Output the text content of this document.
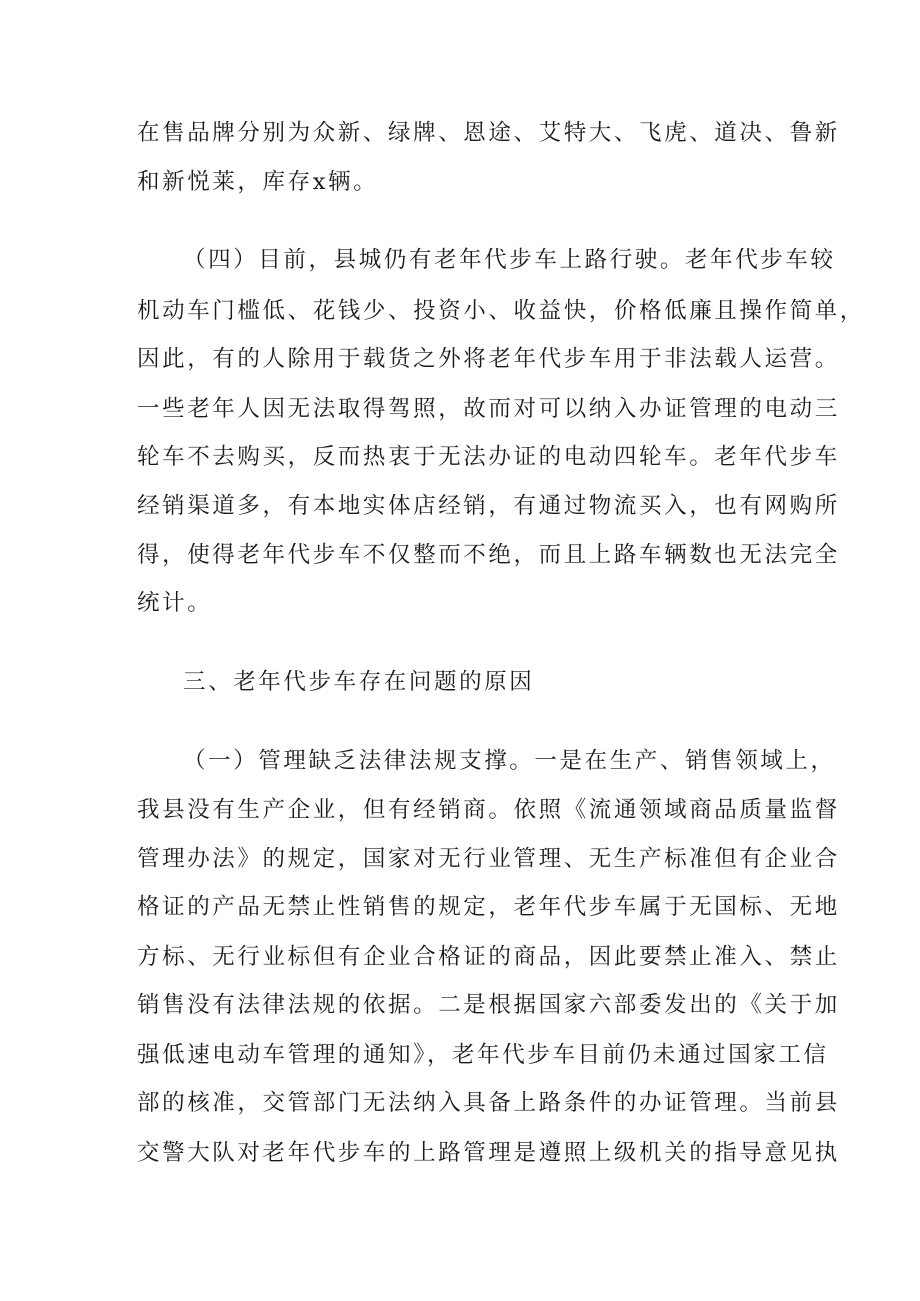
在售品牌分别为众新、绿牌、恩途、艾特大、飞虎、道决、鲁新
和新悦莱，库存x辆。
（四）目前，县城仍有老年代步车上路行驶。老年代步车较
机动车门槛低、花钱少、投资小、收益快，价格低廉且操作简单，
因此，有的人除用于载货之外将老年代步车用于非法载人运营。
一些老年人因无法取得驾照，故而对可以纳入办证管理的电动三
轮车不去购买，反而热衷于无法办证的电动四轮车。老年代步车
经销渠道多，有本地实体店经销，有通过物流买入，也有网购所
得，使得老年代步车不仅整而不绝，而且上路车辆数也无法完全
统计。
三、老年代步车存在问题的原因
（一）管理缺乏法律法规支撑。一是在生产、销售领域上，
我县没有生产企业，但有经销商。依照《流通领域商品质量监督
管理办法》的规定，国家对无行业管理、无生产标准但有企业合
格证的产品无禁止性销售的规定，老年代步车属于无国标、无地
方标、无行业标但有企业合格证的商品，因此要禁止准入、禁止
销售没有法律法规的依据。二是根据国家六部委发出的《关于加
强低速电动车管理的通知》，老年代步车目前仍未通过国家工信
部的核准，交管部门无法纳入具备上路条件的办证管理。当前县
交警大队对老年代步车的上路管理是遵照上级机关的指导意见执
